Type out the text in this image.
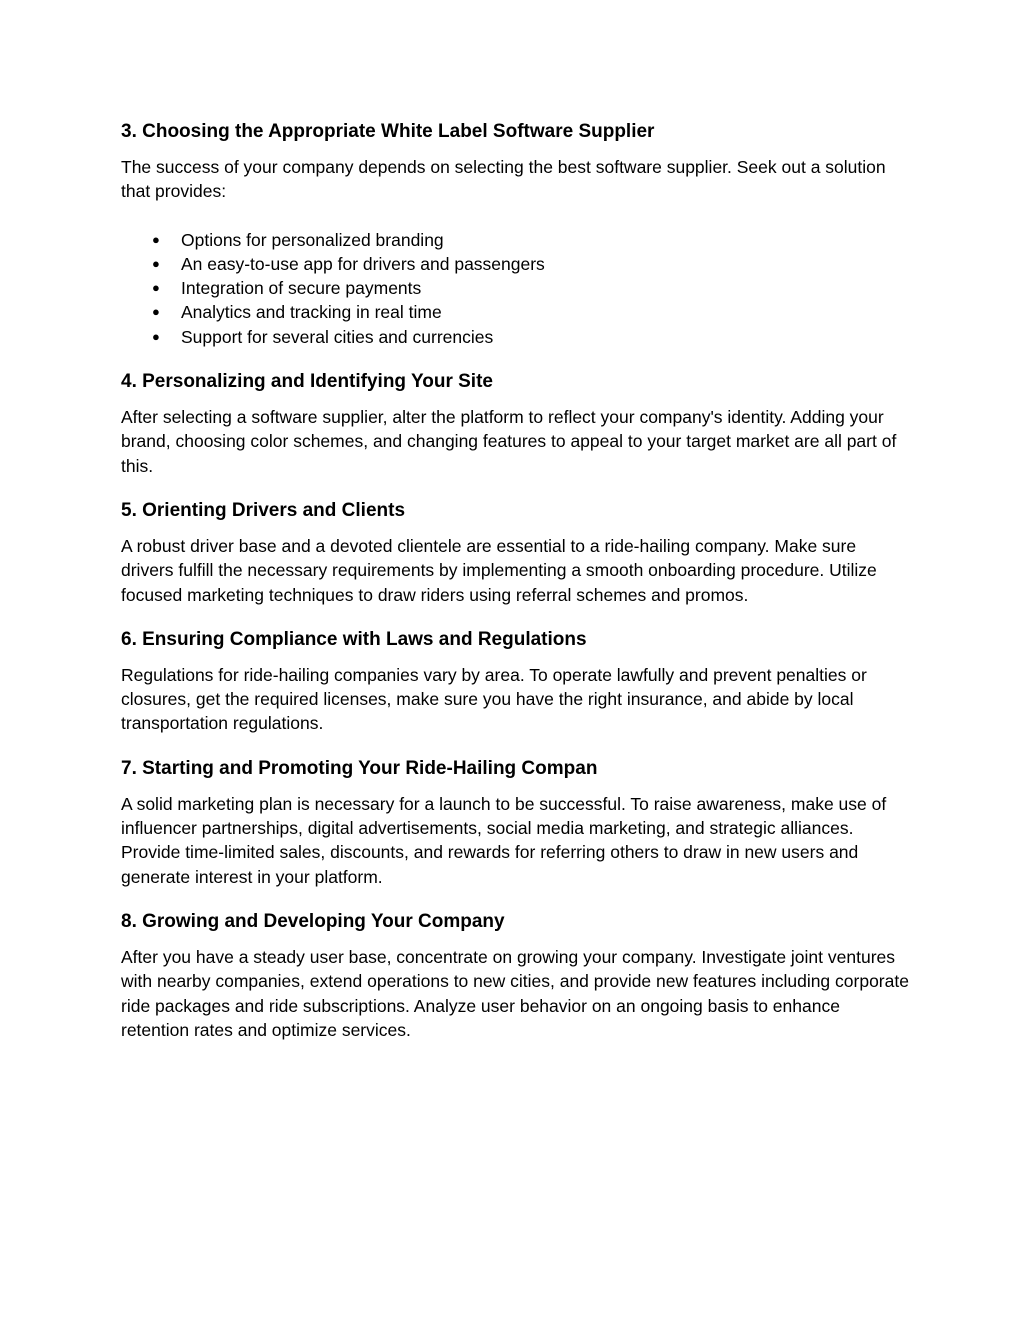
3. Choosing the Appropriate White Label Software Supplier

The success of your company depends on selecting the best software supplier. Seek out a solution that provides:

● Options for personalized branding
● An easy-to-use app for drivers and passengers
● Integration of secure payments
● Analytics and tracking in real time
● Support for several cities and currencies
4. Personalizing and Identifying Your Site

After selecting a software supplier, alter the platform to reflect your company's identity. Adding your brand, choosing color schemes, and changing features to appeal to your target market are all part of this.

5. Orienting Drivers and Clients

A robust driver base and a devoted clientele are essential to a ride-hailing company. Make sure drivers fulfill the necessary requirements by implementing a smooth onboarding procedure. Utilize focused marketing techniques to draw riders using referral schemes and promos.

6. Ensuring Compliance with Laws and Regulations

Regulations for ride-hailing companies vary by area. To operate lawfully and prevent penalties or closures, get the required licenses, make sure you have the right insurance, and abide by local transportation regulations.

7. Starting and Promoting Your Ride-Hailing Compan

A solid marketing plan is necessary for a launch to be successful. To raise awareness, make use of influencer partnerships, digital advertisements, social media marketing, and strategic alliances. Provide time-limited sales, discounts, and rewards for referring others to draw in new users and generate interest in your platform.

8. Growing and Developing Your Company

After you have a steady user base, concentrate on growing your company. Investigate joint ventures with nearby companies, extend operations to new cities, and provide new features including corporate ride packages and ride subscriptions. Analyze user behavior on an ongoing basis to enhance retention rates and optimize services.
